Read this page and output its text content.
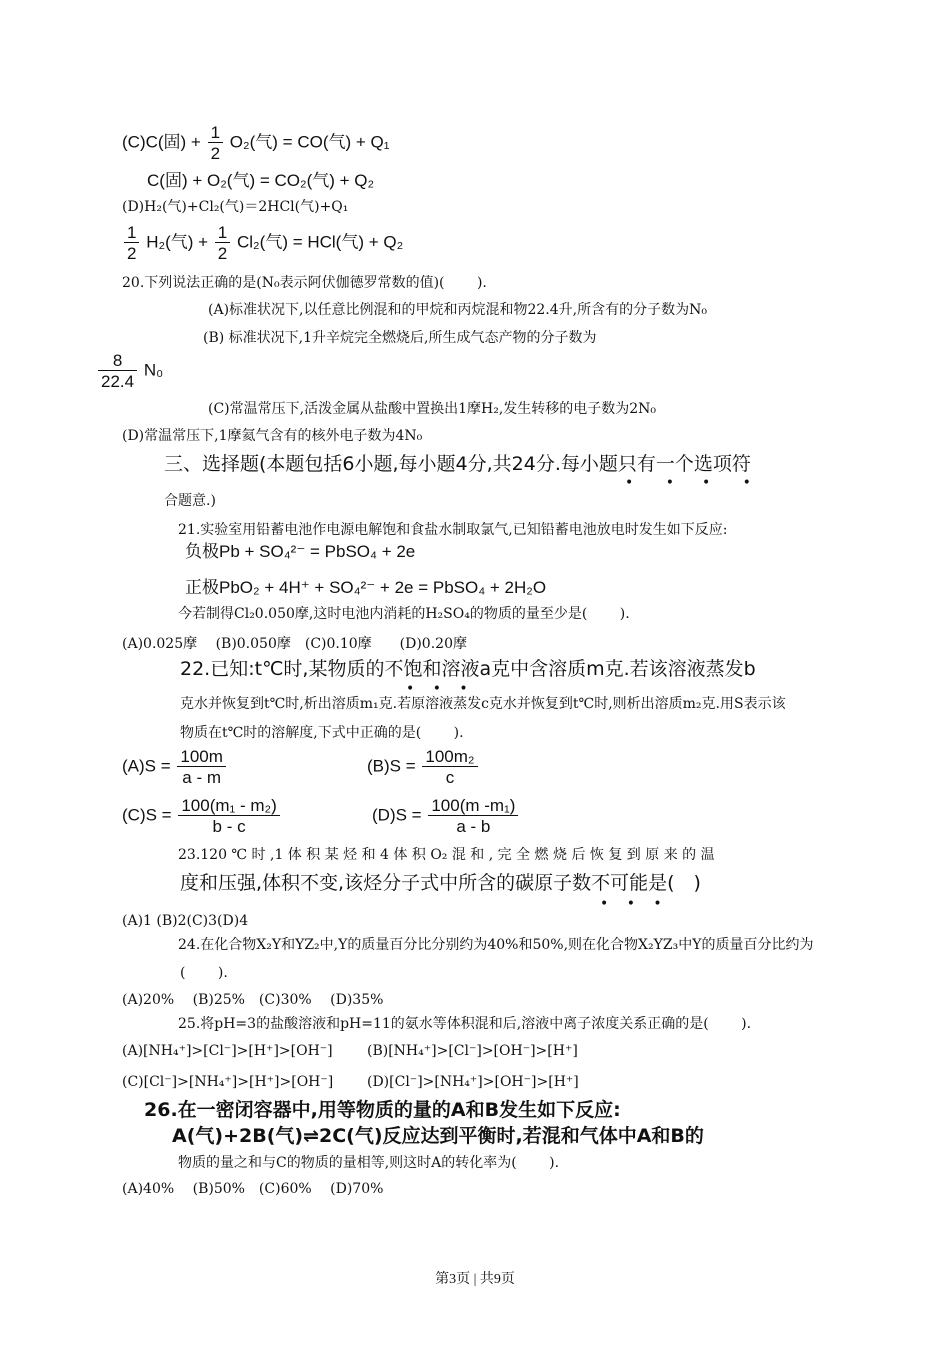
(C)C(固) + $\frac{1}{2} O_2$(气) = CO(气) + Q₁
C(固) + O₂(气) = CO₂(气) + Q₂
(D)H₂(气)+Cl₂(气)＝2HCl(气)+Q₁
$\frac{1}{2} H_2$(气) + $\frac{1}{2} Cl_2$(气) = HCl(气) + Q₂
20.下列说法正确的是(N₀表示阿伏伽德罗常数的值)(　　 ).
(A)标准状况下,以任意比例混和的甲烷和丙烷混和物22.4升,所含有的分子数为N₀
(B) 标准状况下,1升辛烷完全燃烧后,所生成气态产物的分子数为
$\frac{8}{22.4} N_0$
(C)常温常压下,活泼金属从盐酸中置换出1摩H₂,发生转移的电子数为2N₀
(D)常温常压下,1摩氦气含有的核外电子数为4N₀
三、选择题(本题包括6小题,每小题4分,共24分.每小题只有一个选项符
•　　 •　　•　　 •
合题意.)
21.实验室用铅蓄电池作电源电解饱和食盐水制取氯气,已知铅蓄电池放电时发生如下反应:
负极Pb + SO₄²⁻ = PbSO₄ + 2e
正极PbO₂ + 4H⁺ + SO₄²⁻ + 2e = PbSO₄ + 2H₂O
今若制得Cl₂0.050摩,这时电池内消耗的H₂SO₄的物质的量至少是(　　 ).
(A)0.025摩　 (B)0.050摩　(C)0.10摩　　(D)0.20摩
22.已知:t℃时,某物质的不饱和溶液a克中含溶质m克.若该溶液蒸发b
•　 •　 •
克水并恢复到t℃时,析出溶质m₁克.若原溶液蒸发c克水并恢复到t℃时,则析出溶质m₂克.用S表示该
物质在t℃时的溶解度,下式中正确的是(　　 ).
$(A)S = \frac{100m}{a - m}$	$(B)S = \frac{\text{100m₂}}{c}$
$(C)S = \frac{\text{100(m₁ - m₂)}}{b - c}$	$(D)S = \frac{\text{100(m -m₁)}}{a - b}$
23.120 ℃ 时 ,1 体 积 某 烃 和 4 体 积 O₂ 混 和 , 完 全 燃 烧 后 恢 复 到 原 来 的 温
度和压强,体积不变,该烃分子式中所含的碳原子数不可能是(　)
•　 •　 •
(A)1 (B)2(C)3(D)4
24.在化合物X₂Y和YZ₂中,Y的质量百分比分别约为40%和50%,则在化合物X₂YZ₃中Y的质量百分比约为
(　　 ).
(A)20%　 (B)25%　(C)30%　 (D)35%
25.将pH=3的盐酸溶液和pH=11的氨水等体积混和后,溶液中离子浓度关系正确的是(　　 ).
(A)[NH₄⁺]>[Cl⁻]>[H⁺]>[OH⁻] (B)[NH₄⁺]>[Cl⁻]>[OH⁻]>[H⁺]
(C)[Cl⁻]>[NH₄⁺]>[H⁺]>[OH⁻] (D)[Cl⁻]>[NH₄⁺]>[OH⁻]>[H⁺]
26.在一密闭容器中,用等物质的量的A和B发生如下反应:
A(气)+2B(气)⇌2C(气)反应达到平衡时,若混和气体中A和B的
物质的量之和与C的物质的量相等,则这时A的转化率为(　　 ).
(A)40%　 (B)50%　(C)60%　 (D)70%
第3页 | 共9页
